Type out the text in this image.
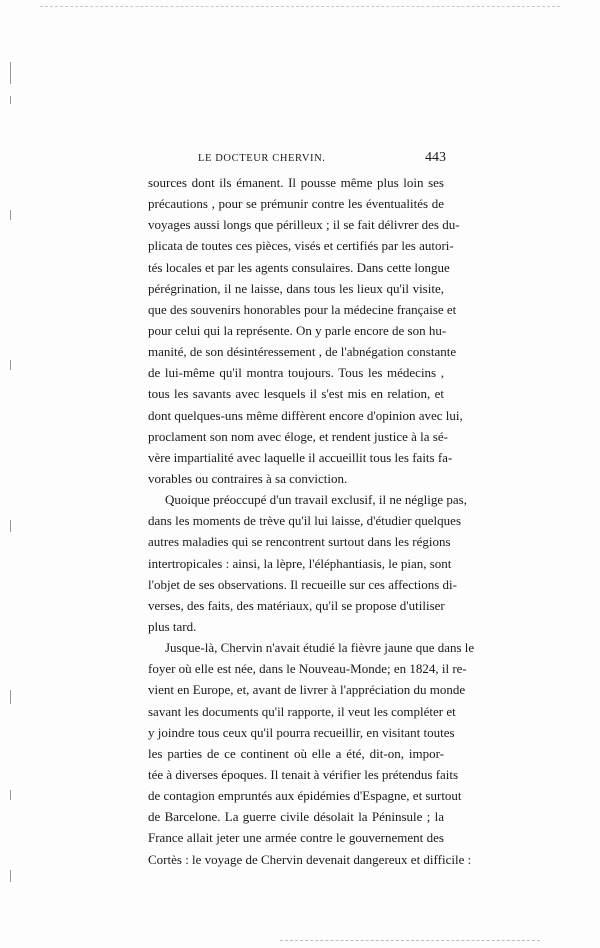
LE DOCTEUR CHERVIN.	443
sources dont ils émanent. Il pousse même plus loin ses
précautions , pour se prémunir contre les éventualités de
voyages aussi longs que périlleux ; il se fait délivrer des du-
plicata de toutes ces pièces, visés et certifiés par les autori-
tés locales et par les agents consulaires. Dans cette longue
pérégrination, il ne laisse, dans tous les lieux qu'il visite,
que des souvenirs honorables pour la médecine française et
pour celui qui la représente. On y parle encore de son hu-
manité, de son désintéressement , de l'abnégation constante
de lui-même qu'il montra toujours. Tous les médecins ,
tous les savants avec lesquels il s'est mis en relation, et
dont quelques-uns même diffèrent encore d'opinion avec lui,
proclament son nom avec éloge, et rendent justice à la sé-
vère impartialité avec laquelle il accueillit tous les faits fa-
vorables ou contraires à sa conviction.
Quoique préoccupé d'un travail exclusif, il ne néglige pas,
dans les moments de trève qu'il lui laisse, d'étudier quelques
autres maladies qui se rencontrent surtout dans les régions
intertropicales : ainsi, la lèpre, l'éléphantiasis, le pian, sont
l'objet de ses observations. Il recueille sur ces affections di-
verses, des faits, des matériaux, qu'il se propose d'utiliser
plus tard.
Jusque-là, Chervin n'avait étudié la fièvre jaune que dans le
foyer où elle est née, dans le Nouveau-Monde; en 1824, il re-
vient en Europe, et, avant de livrer à l'appréciation du monde
savant les documents qu'il rapporte, il veut les compléter et
y joindre tous ceux qu'il pourra recueillir, en visitant toutes
les parties de ce continent où elle a été, dit-on, impor-
tée à diverses époques. Il tenait à vérifier les prétendus faits
de contagion empruntés aux épidémies d'Espagne, et surtout
de Barcelone. La guerre civile désolait la Péninsule ; la
France allait jeter une armée contre le gouvernement des
Cortès : le voyage de Chervin devenait dangereux et difficile :
